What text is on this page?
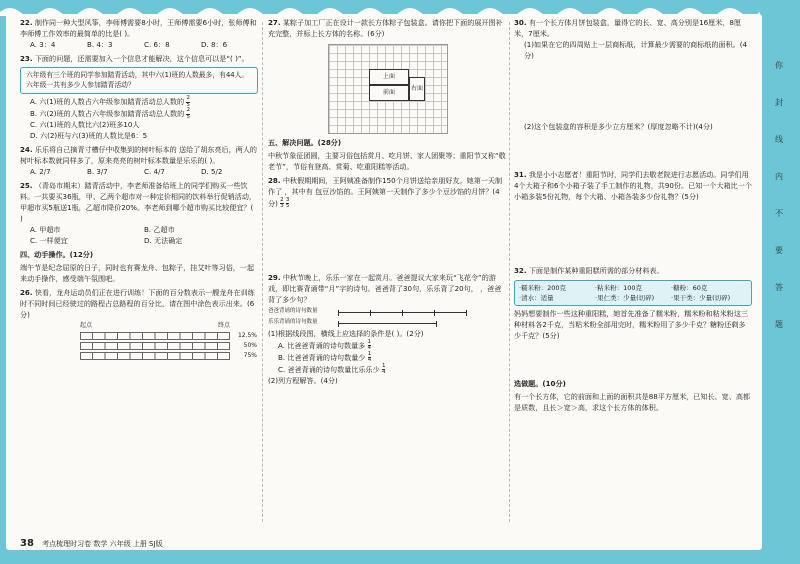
22. 制作同一种大型风筝，李师傅需要8小时，王师傅需要6小时，张师傅和李师傅工作效率的最简单的比是( )。
A. 3：4	B. 4：3	C. 6：8	D. 8：6
23. 下面的问题，还需要加入一个信息才能解决，这个信息可以是“( )”。
六年级有三个班的同学参加踏青活动，其中六(1)班的人数最多，有44人。六年级一共有多少人参加踏青活动？
A. 六(1)班的人数占六年级参加踏青活动总人数的 $\frac{2}{5}$
B. 六(2)班的人数占六年级参加踏青活动总人数的 $\frac{2}{5}$
C. 六(1)班的人数比六(2)班多10人
D. 六(2)班与六(3)班的人数比是6：5
24. 乐乐将自己摘青寸槽仔中收集到的树叶标本的 送给了胡东亮后，两人的树叶标本数就同样多了，原来亮亮的树叶标本数量是乐乐的( )。
A. 2/7	B. 3/7	C. 4/7	D. 5/2
25. （青岛市期末）踏青活动中，李老师准备给班上的同学们购买一些饮料。一共要买36瓶，甲、乙两个超市对一种定价相同的饮料举行促销活动，甲超市买5瓶送1瓶，乙超市降价20%。李老师到哪个超市购买比较便宜？( )
A. 甲超市	B. 乙超市
C. 一样便宜	D. 无法确定
四、动手操作。(12分)
端午节是纪念屈原的日子，同时也有赛龙舟、包粽子，挂艾叶等习俗，一起来动手操作，感受端午氛围吧。
26. 快看，龙舟运动员们正在进行训练！下面的百分数表示一艘龙舟在训练时不同时间已经驶过的路程占总路程的百分比，请在图中涂色表示出来。(6分)
起点	终点
12.5%
50%
75%
27. 某粽子加工厂正在设计一款长方体粽子包装盒。请你把下面的展开图补充完整，并标上长方体的名称。(6分)
上面
前面
右面
五、解决问题。(28分)
中秋节象征团圆，主要习俗包括赏月、吃月饼、家人团聚等；重阳节又称“敬老节”，节俗有登高、赏菊、吃重阳糕等活动。
28. 中秋假期期间，王阿姨准备制作150个月饼送给亲朋好友。她第一天制作了 ，其中有 包豆沙馅的。王阿姨第一天制作了多少个豆沙馅的月饼？(4分) $\frac{2}{3}$
$\frac{3}{5}$
29. 中秋节晚上，乐乐一家在一起赏月。爸爸提议大家来玩“飞花令”的游戏，即比赛背诵带“月”字的诗句。爸爸背了30句，乐乐背了20句， ，爸爸背了多少句？
爸爸背诵的诗句数量
乐乐背诵的诗句数量
(1)根据线段图，横线上应选择的条件是( )。(2分)
A. 比爸爸背诵的诗句数量多 $\frac{1}{4}$
B. 比爸爸背诵的诗句数量少 $\frac{1}{4}$
C. 爸爸背诵的诗句数量比乐乐少 $\frac{1}{4}$
(2)列方程解答。(4分)
30. 有一个长方体月饼包装盒，量得它的长、宽、高分别是16厘米，8厘米，7厘米。
(1)如果在它的四周贴上一层商标纸，计算最少需要的商标纸的面积。(4分)
(2)这个包装盒的容积是多少立方厘米？(厚度忽略不计)(4分)
31. 我是小小志愿者！重阳节时，同学们去敬老院进行志愿活动。同学们用4个大箱子和6个小箱子装了手工制作的礼物，共90份。已知一个大箱比一个小箱多装5份礼物，每个大箱、小箱各装多少份礼物？(5分)
32. 下面是制作某种重阳糕所需的部分材料表。
·糯米粉：200克	·粘米粉：100克	·糖粉：60克
·清水：适量	·果仁类：少量(切碎)	·果干类：少量(切碎)
妈妈想要制作一些这种重阳糕，她首先准备了糯米粉，糯米粉和粘米粉这三种材料各2千克，当粘米粉全部用完时，糯米粉用了多少千克？糖粉还剩多少千克？(5分)
选做题。(10分)
有一个长方体，它的前面和上面的面积共是88平方厘米，已知长、宽、高都是质数，且长＞宽＞高，求这个长方体的体积。
你
封
线
内
不
要
答
题
38 考点梳理时习卷 数学 六年级 上册 SJ版
